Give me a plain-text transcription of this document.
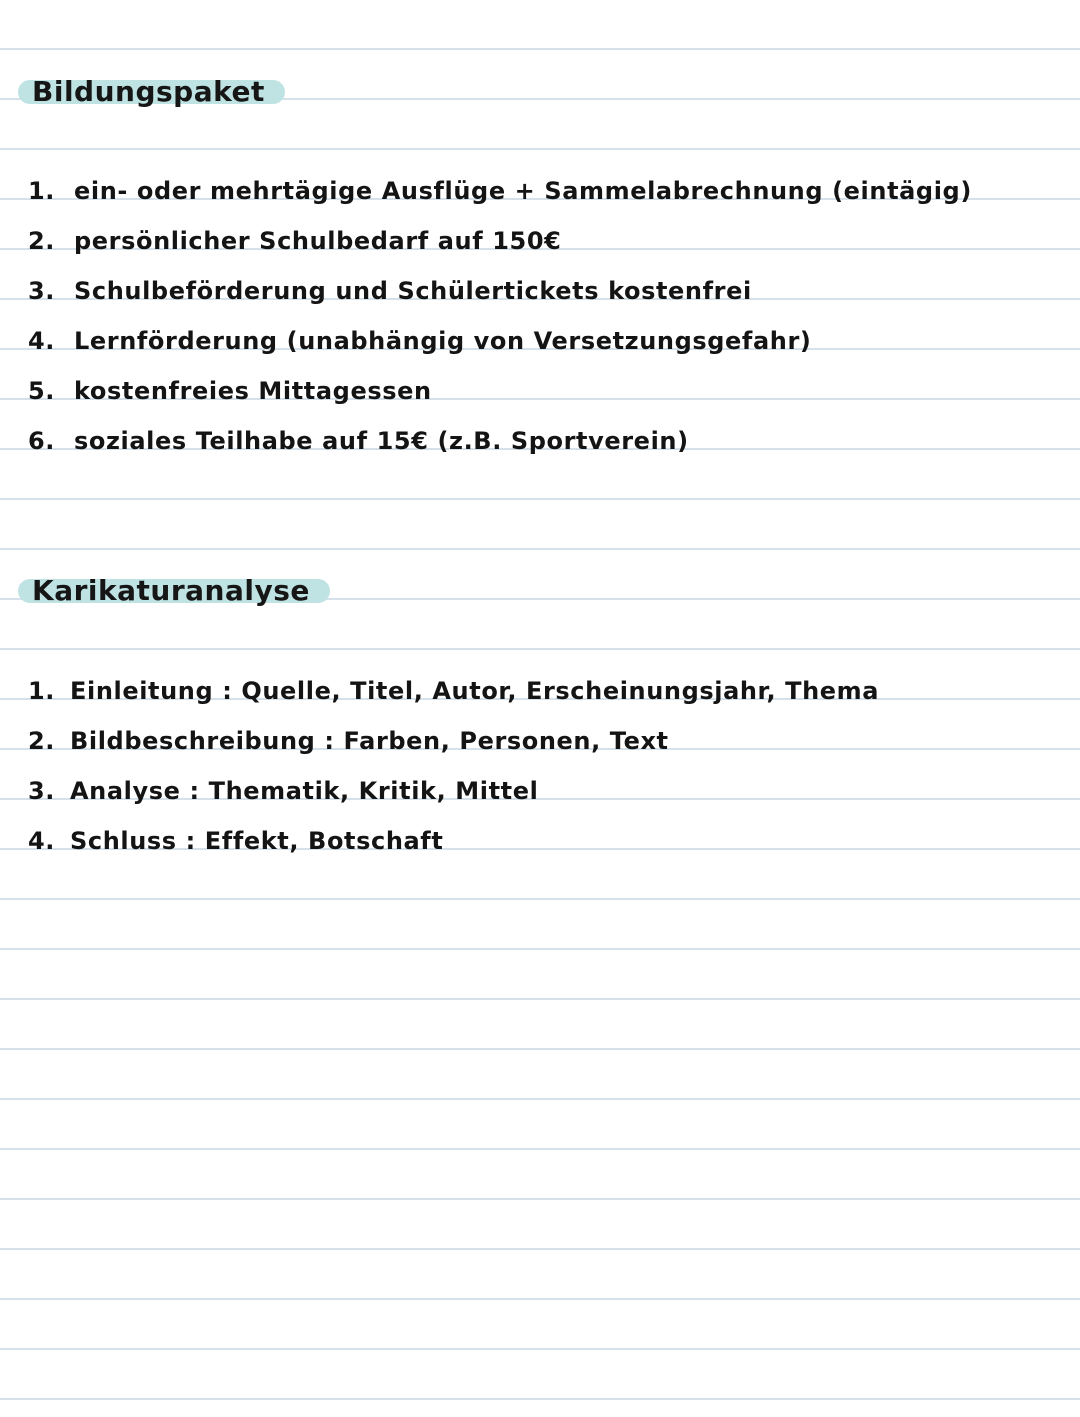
Bildungspaket
1. ein- oder mehrtägige Ausflüge + Sammelabrechnung (eintägig)
2. persönlicher Schulbedarf auf 150€
3. Schulbeförderung und Schülertickets kostenfrei
4. Lernförderung (unabhängig von Versetzungsgefahr)
5. kostenfreies Mittagessen
6. soziales Teilhabe auf 15€ (z.B. Sportverein)
Karikaturanalyse
1. Einleitung : Quelle, Titel, Autor, Erscheinungsjahr, Thema
2. Bildbeschreibung : Farben, Personen, Text
3. Analyse : Thematik, Kritik, Mittel
4. Schluss : Effekt, Botschaft
